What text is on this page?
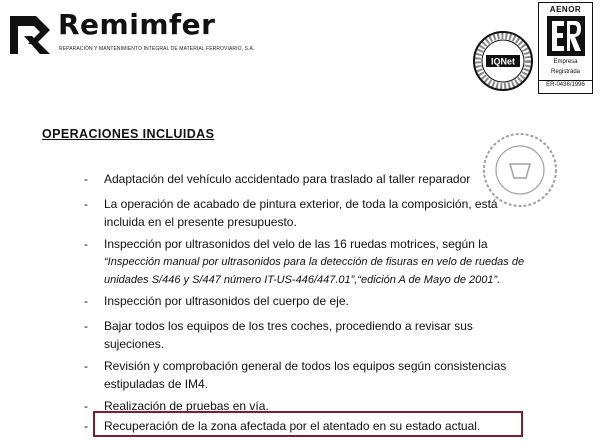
Remimfer
REPARACIÓN Y MANTENIMIENTO INTEGRAL DE MATERIAL FERROVIARIO, S.A.
IQNet
AENOR
Empresa
Registrada
ER-0436/1996
OPERACIONES INCLUIDAS
- Adaptación del vehículo accidentado para traslado al taller reparador
- La operación de acabado de pintura exterior, de toda la composición, está
incluida en el presente presupuesto.
- Inspección por ultrasonidos del velo de las 16 ruedas motrices, según la
“Inspección manual por ultrasonidos para la detección de fisuras en velo de ruedas de
unidades S/446 y S/447 número IT-US-446/447.01”,“edición A de Mayo de 2001”.
- Inspección por ultrasonidos del cuerpo de eje.
- Bajar todos los equipos de los tres coches, procediendo a revisar sus
sujeciones.
- Revisión y comprobación general de todos los equipos según consistencias
estipuladas de IM4.
- Realización de pruebas en vía.
- Recuperación de la zona afectada por el atentado en su estado actual.
